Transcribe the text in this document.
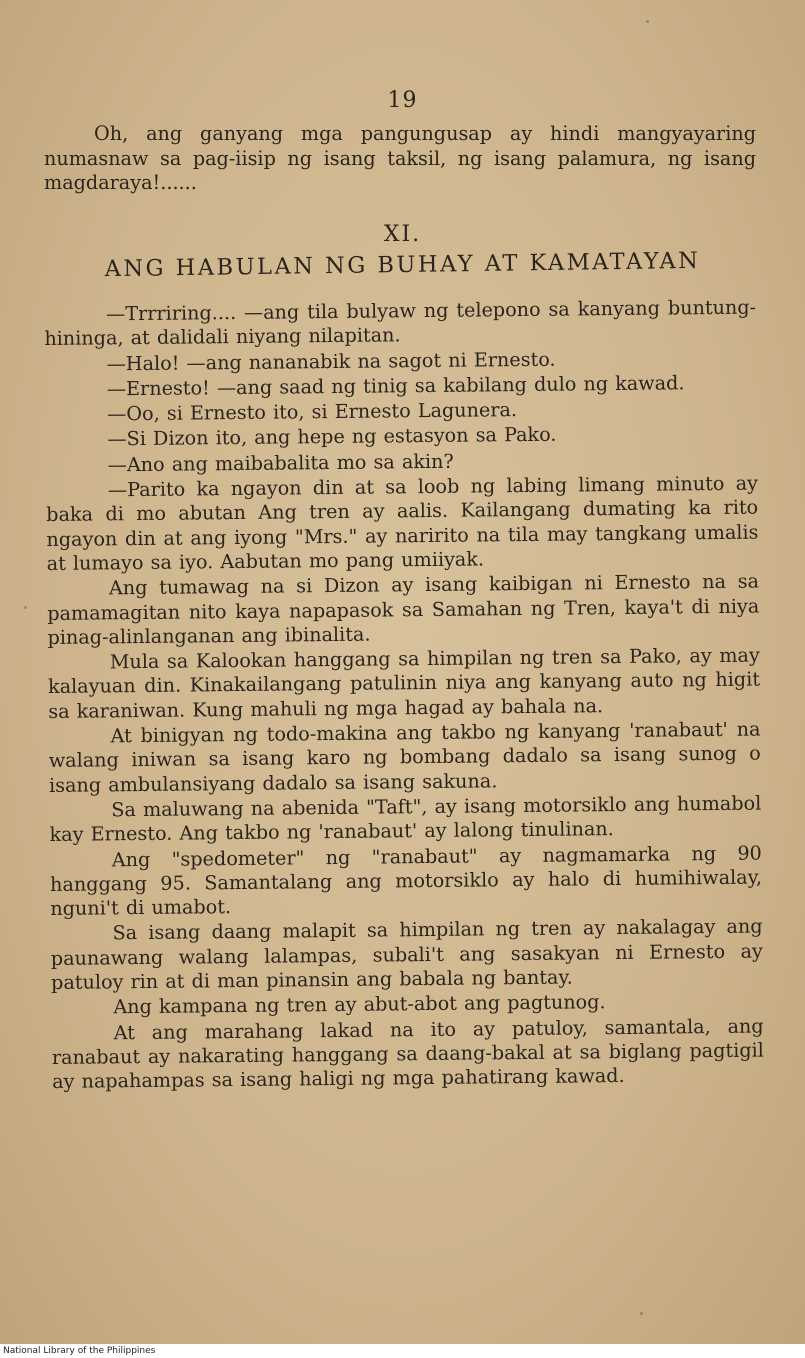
19

Oh, ang ganyang mga pangungusap ay hindi mangyayaring numasnaw sa pag-iisip ng isang taksil, ng isang palamura, ng isang magdaraya!......

XI.
ANG HABULAN NG BUHAY AT KAMATAYAN

—Trrriring.... —ang tila bulyaw ng telepono sa kanyang buntung-hininga, at dalidali niyang nilapitan.

—Halo! —ang nananabik na sagot ni Ernesto.

—Ernesto! —ang saad ng tinig sa kabilang dulo ng kawad.

—Oo, si Ernesto ito, si Ernesto Lagunera.

—Si Dizon ito, ang hepe ng estasyon sa Pako.

—Ano ang maibabalita mo sa akin?

—Parito ka ngayon din at sa loob ng labing limang minuto ay baka di mo abutan Ang tren ay aalis. Kailangang dumating ka rito ngayon din at ang iyong "Mrs." ay naririto na tila may tangkang umalis at lumayo sa iyo. Aabutan mo pang umiiyak.

Ang tumawag na si Dizon ay isang kaibigan ni Ernesto na sa pamamagitan nito kaya napapasok sa Samahan ng Tren, kaya't di niya pinag-alinlanganan ang ibinalita.

Mula sa Kalookan hanggang sa himpilan ng tren sa Pako, ay may kalayuan din. Kinakailangang patulinin niya ang kanyang auto ng higit sa karaniwan. Kung mahuli ng mga hagad ay bahala na.

At binigyan ng todo-makina ang takbo ng kanyang 'ranabaut' na walang iniwan sa isang karo ng bombang dadalo sa isang sunog o isang ambulansiyang dadalo sa isang sakuna.

Sa maluwang na abenida "Taft", ay isang motorsiklo ang humabol kay Ernesto. Ang takbo ng 'ranabaut' ay lalong tinulinan.

Ang "spedometer" ng "ranabaut" ay nagmamarka ng 90 hanggang 95. Samantalang ang motorsiklo ay halo di humihiwalay, nguni't di umabot.

Sa isang daang malapit sa himpilan ng tren ay nakalagay ang paunawang walang lalampas, subali't ang sasakyan ni Ernesto ay patuloy rin at di man pinansin ang babala ng bantay.

Ang kampana ng tren ay abut-abot ang pagtunog.

At ang marahang lakad na ito ay patuloy, samantala, ang ranabaut ay nakarating hanggang sa daang-bakal at sa biglang pagtigil ay napahampas sa isang haligi ng mga pahatirang kawad.

National Library of the Philippines
